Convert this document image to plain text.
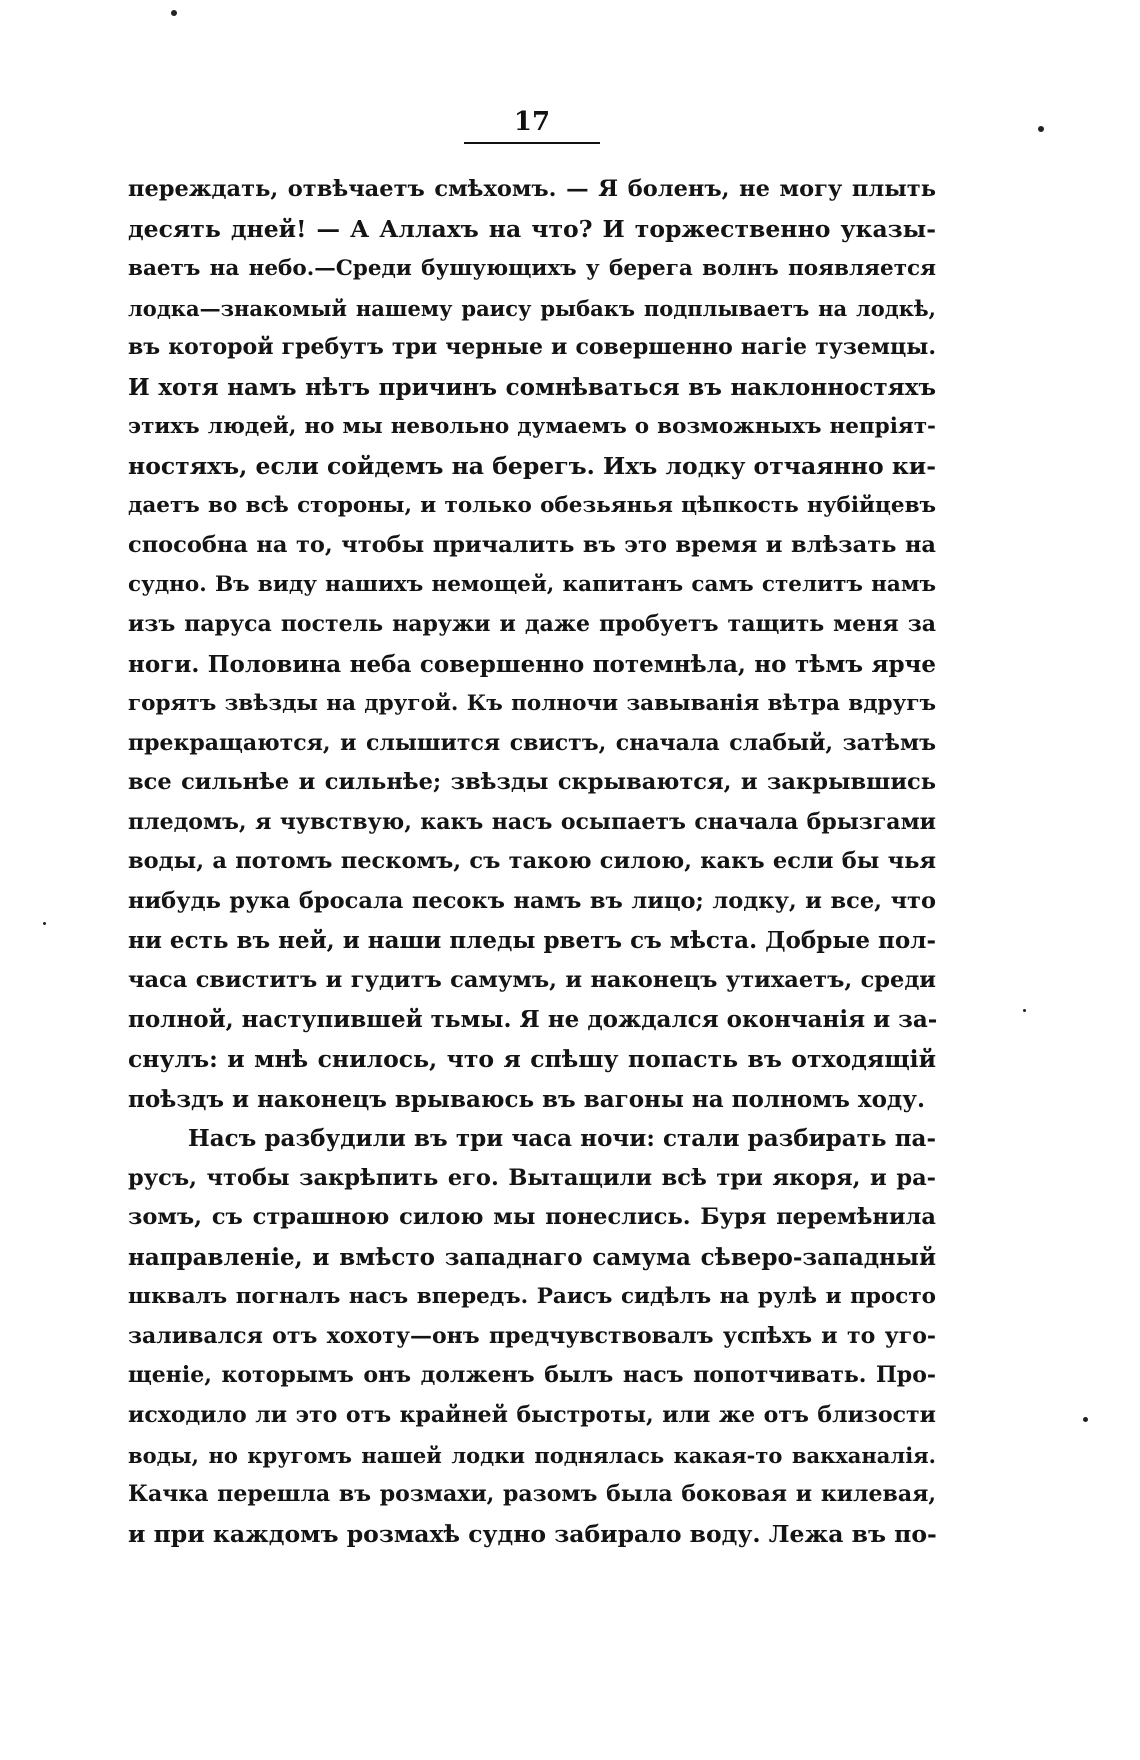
17
переждать, отвѣчаетъ смѣхомъ. — Я боленъ, не могу плыть
десять дней! — А Аллахъ на что? И торжественно указы-
ваетъ на небо.—Среди бушующихъ у берега волнъ появляется
лодка—знакомый нашему раису рыбакъ подплываетъ на лодкѣ,
въ которой гребутъ три черные и совершенно нагіе туземцы.
И хотя намъ нѣтъ причинъ сомнѣваться въ наклонностяхъ
этихъ людей, но мы невольно думаемъ о возможныхъ непріят-
ностяхъ, если сойдемъ на берегъ. Ихъ лодку отчаянно ки-
даетъ во всѣ стороны, и только обезьянья цѣпкость нубійцевъ
способна на то, чтобы причалить въ это время и влѣзать на
судно. Въ виду нашихъ немощей, капитанъ самъ стелитъ намъ
изъ паруса постель наружи и даже пробуетъ тащить меня за
ноги. Половина неба совершенно потемнѣла, но тѣмъ ярче
горятъ звѣзды на другой. Къ полночи завыванія вѣтра вдругъ
прекращаются, и слышится свистъ, сначала слабый, затѣмъ
все сильнѣе и сильнѣе; звѣзды скрываются, и закрывшись
пледомъ, я чувствую, какъ насъ осыпаетъ сначала брызгами
воды, а потомъ пескомъ, съ такою силою, какъ если бы чья
нибудь рука бросала песокъ намъ въ лицо; лодку, и все, что
ни есть въ ней, и наши пледы рветъ съ мѣста. Добрые пол-
часа свиститъ и гудитъ самумъ, и наконецъ утихаетъ, среди
полной, наступившей тьмы. Я не дождался окончанія и за-
снулъ: и мнѣ снилось, что я спѣшу попасть въ отходящій
поѣздъ и наконецъ врываюсь въ вагоны на полномъ ходу.
Насъ разбудили въ три часа ночи: стали разбирать па-
русъ, чтобы закрѣпить его. Вытащили всѣ три якоря, и ра-
зомъ, съ страшною силою мы понеслись. Буря перемѣнила
направленіе, и вмѣсто западнаго самума сѣверо-западный
шквалъ погналъ насъ впередъ. Раисъ сидѣлъ на рулѣ и просто
заливался отъ хохоту—онъ предчувствовалъ успѣхъ и то уго-
щеніе, которымъ онъ долженъ былъ насъ попотчивать. Про-
исходило ли это отъ крайней быстроты, или же отъ близости
воды, но кругомъ нашей лодки поднялась какая-то вакханалія.
Качка перешла въ розмахи, разомъ была боковая и килевая,
и при каждомъ розмахѣ судно забирало воду. Лежа въ по-
